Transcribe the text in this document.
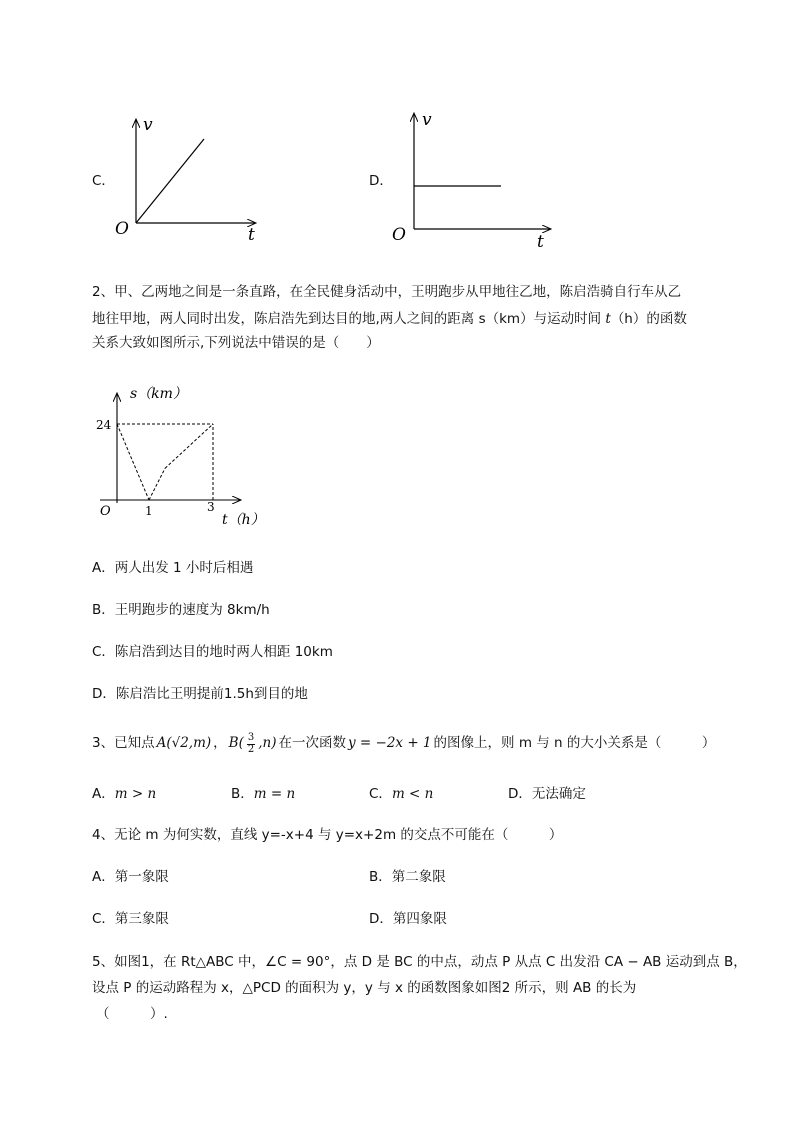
C．
v
t
O
D．
v
t
O
2、甲、乙两地之间是一条直路，在全民健身活动中，王明跑步从甲地往乙地，陈启浩骑自行车从乙
地往甲地，两人同时出发，陈启浩先到达目的地,两人之间的距离 s（km）与运动时间 t（h）的函数
关系大致如图所示,下列说法中错误的是（　　）
s（km）
t（h）
O
24
1	3
A．两人出发 1 小时后相遇
B．王明跑步的速度为 8km/h
C．陈启浩到达目的地时两人相距 10km
D．陈启浩比王明提前1.5h到目的地
3、已知点 A(√2,m) ， B( 3
2 ,n) 在一次函数 y = −2x + 1 的图像上，则 m 与 n 的大小关系是（　　　）
A．m > n	B．m = n	C．m < n	D．无法确定
4、无论 m 为何实数，直线 y=-x+4 与 y=x+2m 的交点不可能在（　　　）
A．第一象限	B．第二象限
C．第三象限	D．第四象限
5、如图1，在 Rt△ABC 中，∠C = 90°，点 D 是 BC 的中点，动点 P 从点 C 出发沿 CA − AB 运动到点 B，
设点 P 的运动路程为 x，△PCD 的面积为 y，y 与 x 的函数图象如图2 所示，则 AB 的长为
（　　　）.
